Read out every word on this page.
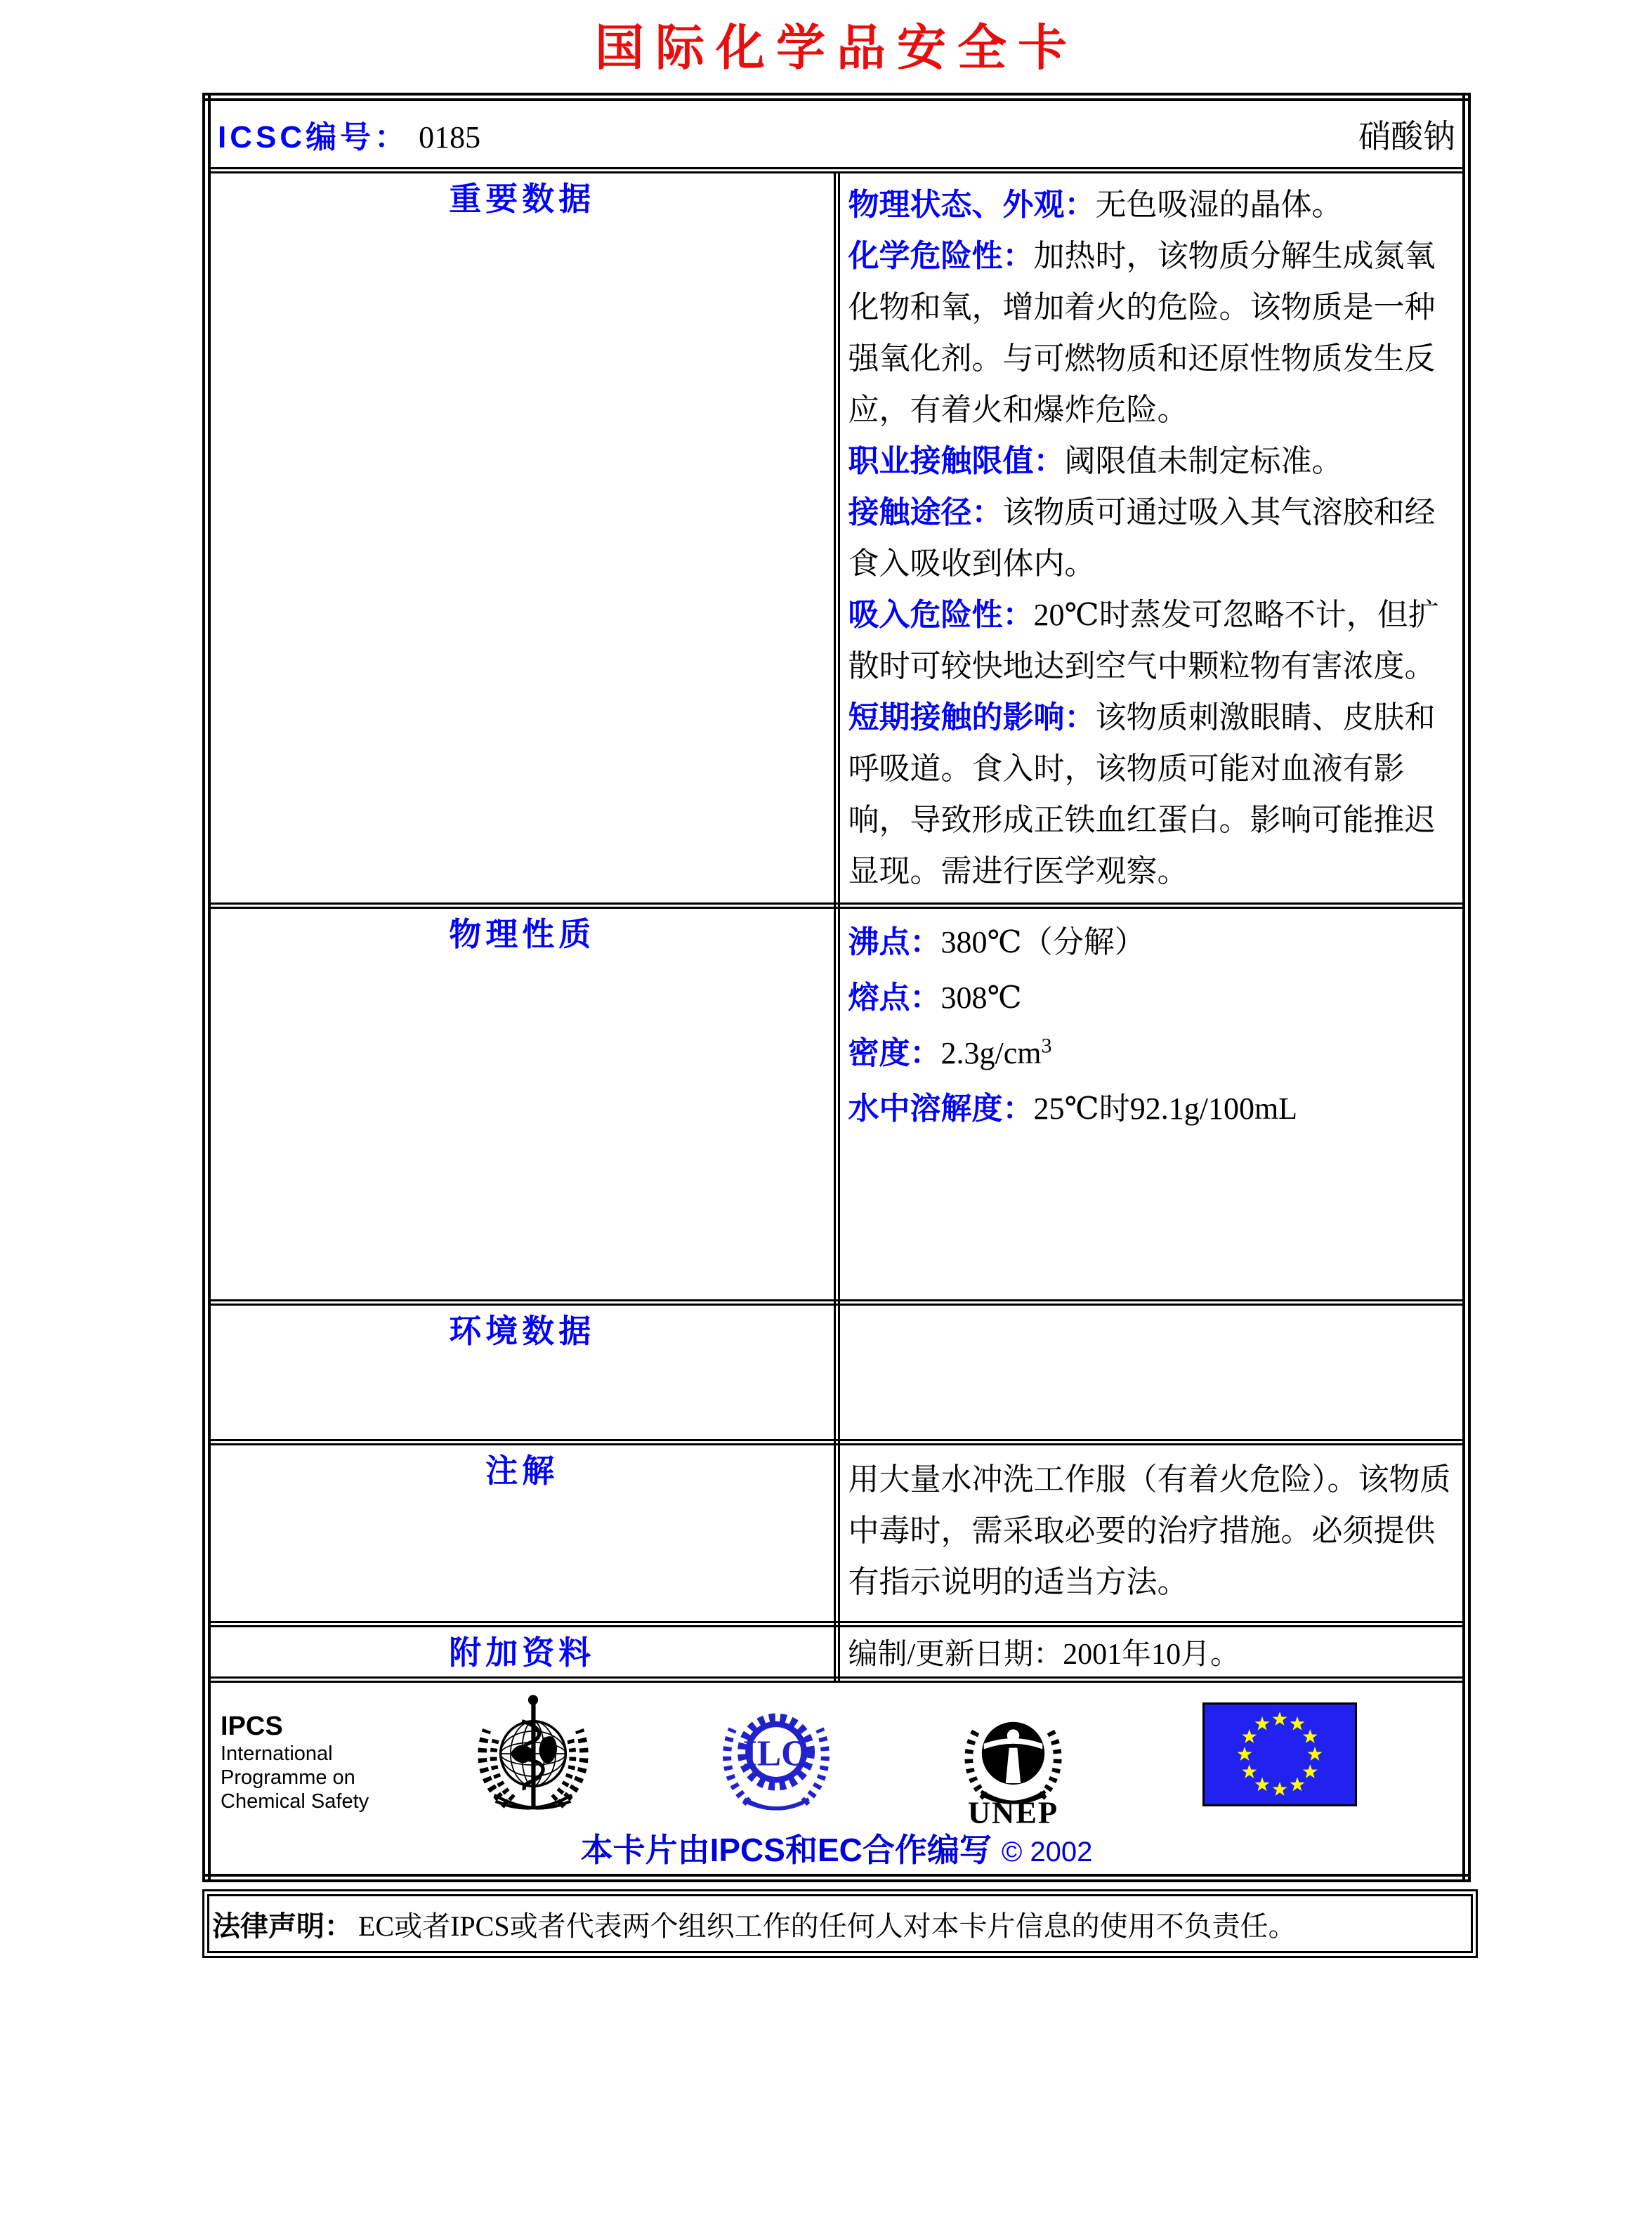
国际化学品安全卡
ICSC编号： 0185 硝酸钠	

重要数据	物理状态、外观：无色吸湿的晶体。
化学危险性：加热时，该物质分解生成氮氧化物和氧，增加着火的危险。该物质是一种强氧化剂。与可燃物质和还原性物质发生反应，有着火和爆炸危险。
职业接触限值：阈限值未制定标准。
接触途径：该物质可通过吸入其气溶胶和经食入吸收到体内。
吸入危险性：20℃时蒸发可忽略不计，但扩散时可较快地达到空气中颗粒物有害浓度。
短期接触的影响：该物质刺激眼睛、皮肤和呼吸道。食入时，该物质可能对血液有影响，导致形成正铁血红蛋白。影响可能推迟显现。需进行医学观察。

物理性质	沸点：380℃（分解）
熔点：308℃
密度：$2.3g/cm^3$
水中溶解度：25℃时92.1g/100mL

环境数据	

注解	用大量水冲洗工作服（有着火危险）。该物质中毒时，需采取必要的治疗措施。必须提供有指示说明的适当方法。

附加资料	编制/更新日期：2001年10月。

IPCS
International
Programme on
Chemical Safety
ILO
UNEP
本卡片由IPCS和EC合作编写 © 2002
法律声明： EC或者IPCS或者代表两个组织工作的任何人对本卡片信息的使用不负责任。
